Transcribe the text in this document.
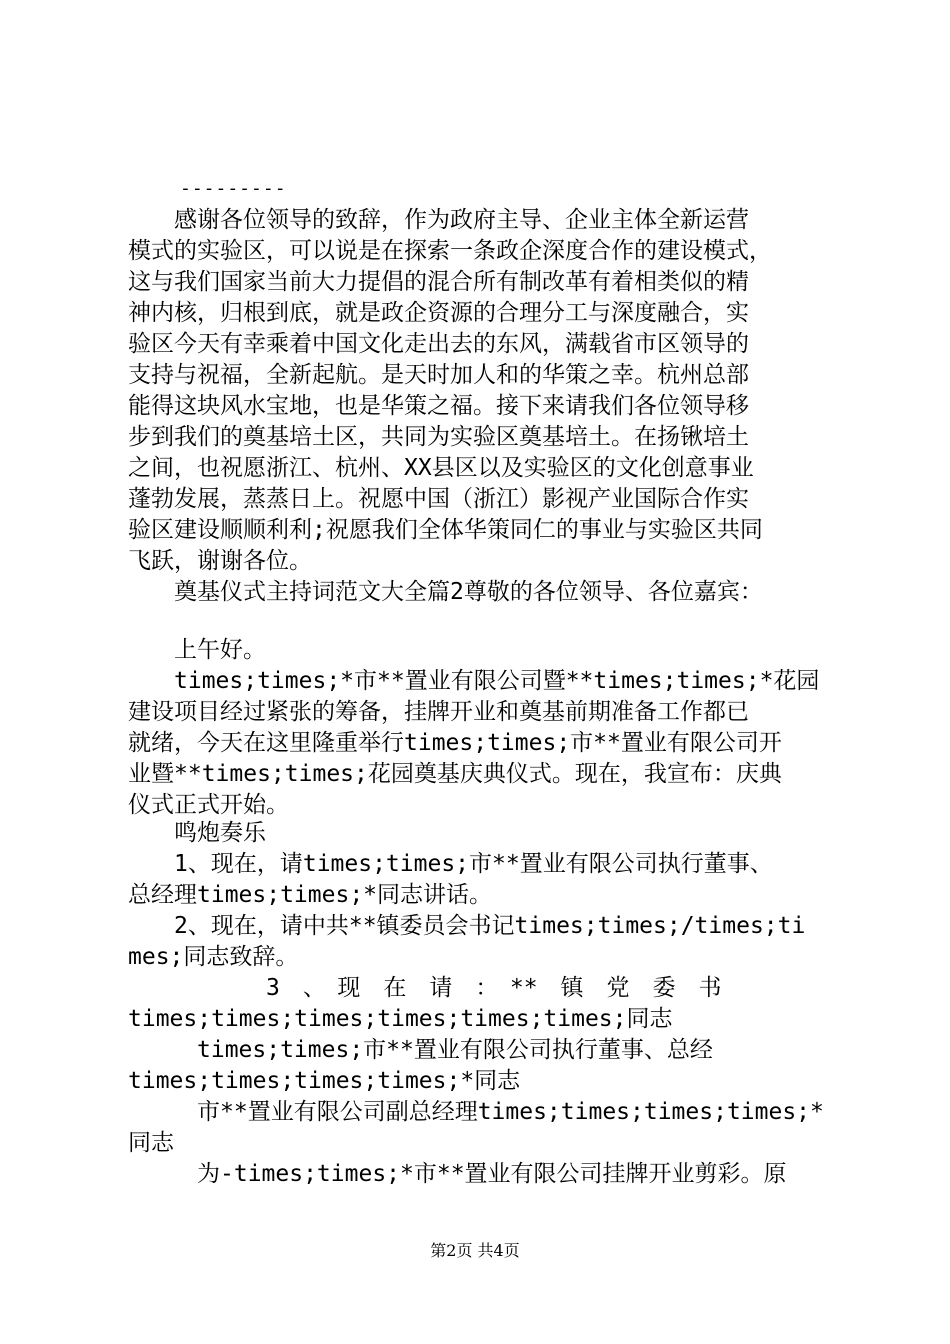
---------
　　感谢各位领导的致辞，作为政府主导、企业主体全新运营
模式的实验区，可以说是在探索一条政企深度合作的建设模式，
这与我们国家当前大力提倡的混合所有制改革有着相类似的精
神内核，归根到底，就是政企资源的合理分工与深度融合，实
验区今天有幸乘着中国文化走出去的东风，满载省市区领导的
支持与祝福，全新起航。是天时加人和的华策之幸。杭州总部
能得这块风水宝地，也是华策之福。接下来请我们各位领导移
步到我们的奠基培土区，共同为实验区奠基培土。在扬锹培土
之间，也祝愿浙江、杭州、XX县区以及实验区的文化创意事业
蓬勃发展，蒸蒸日上。祝愿中国（浙江）影视产业国际合作实
验区建设顺顺利利;祝愿我们全体华策同仁的事业与实验区共同
飞跃，谢谢各位。
　　奠基仪式主持词范文大全篇2尊敬的各位领导、各位嘉宾：
　　上午好。
　　times;times;*市**置业有限公司暨**times;times;*花园
建设项目经过紧张的筹备，挂牌开业和奠基前期准备工作都已
就绪，今天在这里隆重举行times;times;市**置业有限公司开
业暨**times;times;花园奠基庆典仪式。现在，我宣布：庆典
仪式正式开始。
　　鸣炮奏乐
　　1、现在，请times;times;市**置业有限公司执行董事、
总经理times;times;*同志讲话。
　　2、现在，请中共**镇委员会书记times;times;/times;ti
mes;同志致辞。
　　　　　　3　、　现　在　请　：　**　镇　党　委　书
times;times;times;times;times;times;同志
　　　times;times;市**置业有限公司执行董事、总经
times;times;times;times;*同志
　　　市**置业有限公司副总经理times;times;times;times;*
同志
　　　为-times;times;*市**置业有限公司挂牌开业剪彩。原
第2页 共4页
